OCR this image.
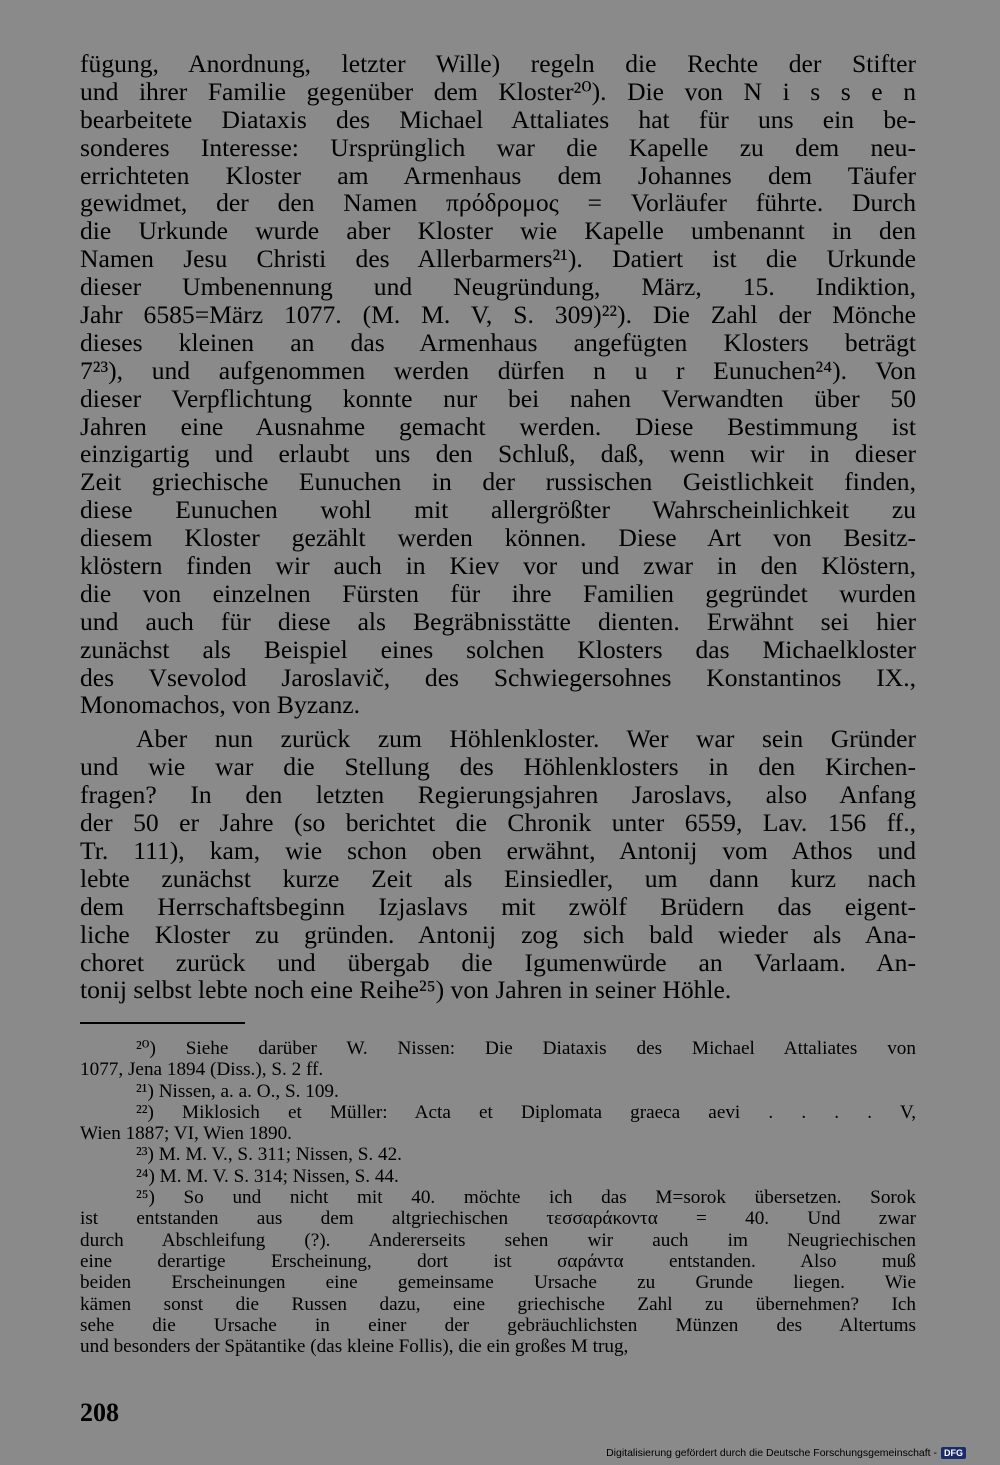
fügung, Anordnung, letzter Wille) regeln die Rechte der Stifter
und ihrer Familie gegenüber dem Kloster²⁰). Die von N i s s e n
bearbeitete Diataxis des Michael Attaliates hat für uns ein be-
sonderes Interesse: Ursprünglich war die Kapelle zu dem neu-
errichteten Kloster am Armenhaus dem Johannes dem Täufer
gewidmet, der den Namen πρόδρομος = Vorläufer führte. Durch
die Urkunde wurde aber Kloster wie Kapelle umbenannt in den
Namen Jesu Christi des Allerbarmers²¹). Datiert ist die Urkunde
dieser Umbenennung und Neugründung, März, 15. Indiktion,
Jahr 6585=März 1077. (M. M. V, S. 309)²²). Die Zahl der Mönche
dieses kleinen an das Armenhaus angefügten Klosters beträgt
7²³), und aufgenommen werden dürfen n u r Eunuchen²⁴). Von
dieser Verpflichtung konnte nur bei nahen Verwandten über 50
Jahren eine Ausnahme gemacht werden. Diese Bestimmung ist
einzigartig und erlaubt uns den Schluß, daß, wenn wir in dieser
Zeit griechische Eunuchen in der russischen Geistlichkeit finden,
diese Eunuchen wohl mit allergrößter Wahrscheinlichkeit zu
diesem Kloster gezählt werden können. Diese Art von Besitz-
klöstern finden wir auch in Kiev vor und zwar in den Klöstern,
die von einzelnen Fürsten für ihre Familien gegründet wurden
und auch für diese als Begräbnisstätte dienten. Erwähnt sei hier
zunächst als Beispiel eines solchen Klosters das Michaelkloster
des Vsevolod Jaroslavič, des Schwiegersohnes Konstantinos IX.,
Monomachos, von Byzanz.
Aber nun zurück zum Höhlenkloster. Wer war sein Gründer
und wie war die Stellung des Höhlenklosters in den Kirchen-
fragen? In den letzten Regierungsjahren Jaroslavs, also Anfang
der 50 er Jahre (so berichtet die Chronik unter 6559, Lav. 156 ff.,
Tr. 111), kam, wie schon oben erwähnt, Antonij vom Athos und
lebte zunächst kurze Zeit als Einsiedler, um dann kurz nach
dem Herrschaftsbeginn Izjaslavs mit zwölf Brüdern das eigent-
liche Kloster zu gründen. Antonij zog sich bald wieder als Ana-
choret zurück und übergab die Igumenwürde an Varlaam. An-
tonij selbst lebte noch eine Reihe²⁵) von Jahren in seiner Höhle.
²⁰) Siehe darüber W. Nissen: Die Diataxis des Michael Attaliates von
1077, Jena 1894 (Diss.), S. 2 ff.
²¹) Nissen, a. a. O., S. 109.
²²) Miklosich et Müller: Acta et Diplomata graeca aevi . . . . V,
Wien 1887; VI, Wien 1890.
²³) M. M. V., S. 311; Nissen, S. 42.
²⁴) M. M. V. S. 314; Nissen, S. 44.
²⁵) So und nicht mit 40. möchte ich das M=sorok übersetzen. Sorok
ist entstanden aus dem altgriechischen τεσσαράκοντα = 40. Und zwar
durch Abschleifung (?). Andererseits sehen wir auch im Neugriechischen
eine derartige Erscheinung, dort ist σαράντα entstanden. Also muß
beiden Erscheinungen eine gemeinsame Ursache zu Grunde liegen. Wie
kämen sonst die Russen dazu, eine griechische Zahl zu übernehmen? Ich
sehe die Ursache in einer der gebräuchlichsten Münzen des Altertums
und besonders der Spätantike (das kleine Follis), die ein großes M trug,
208
Digitalisierung gefördert durch die Deutsche Forschungsgemeinschaft - DFG
